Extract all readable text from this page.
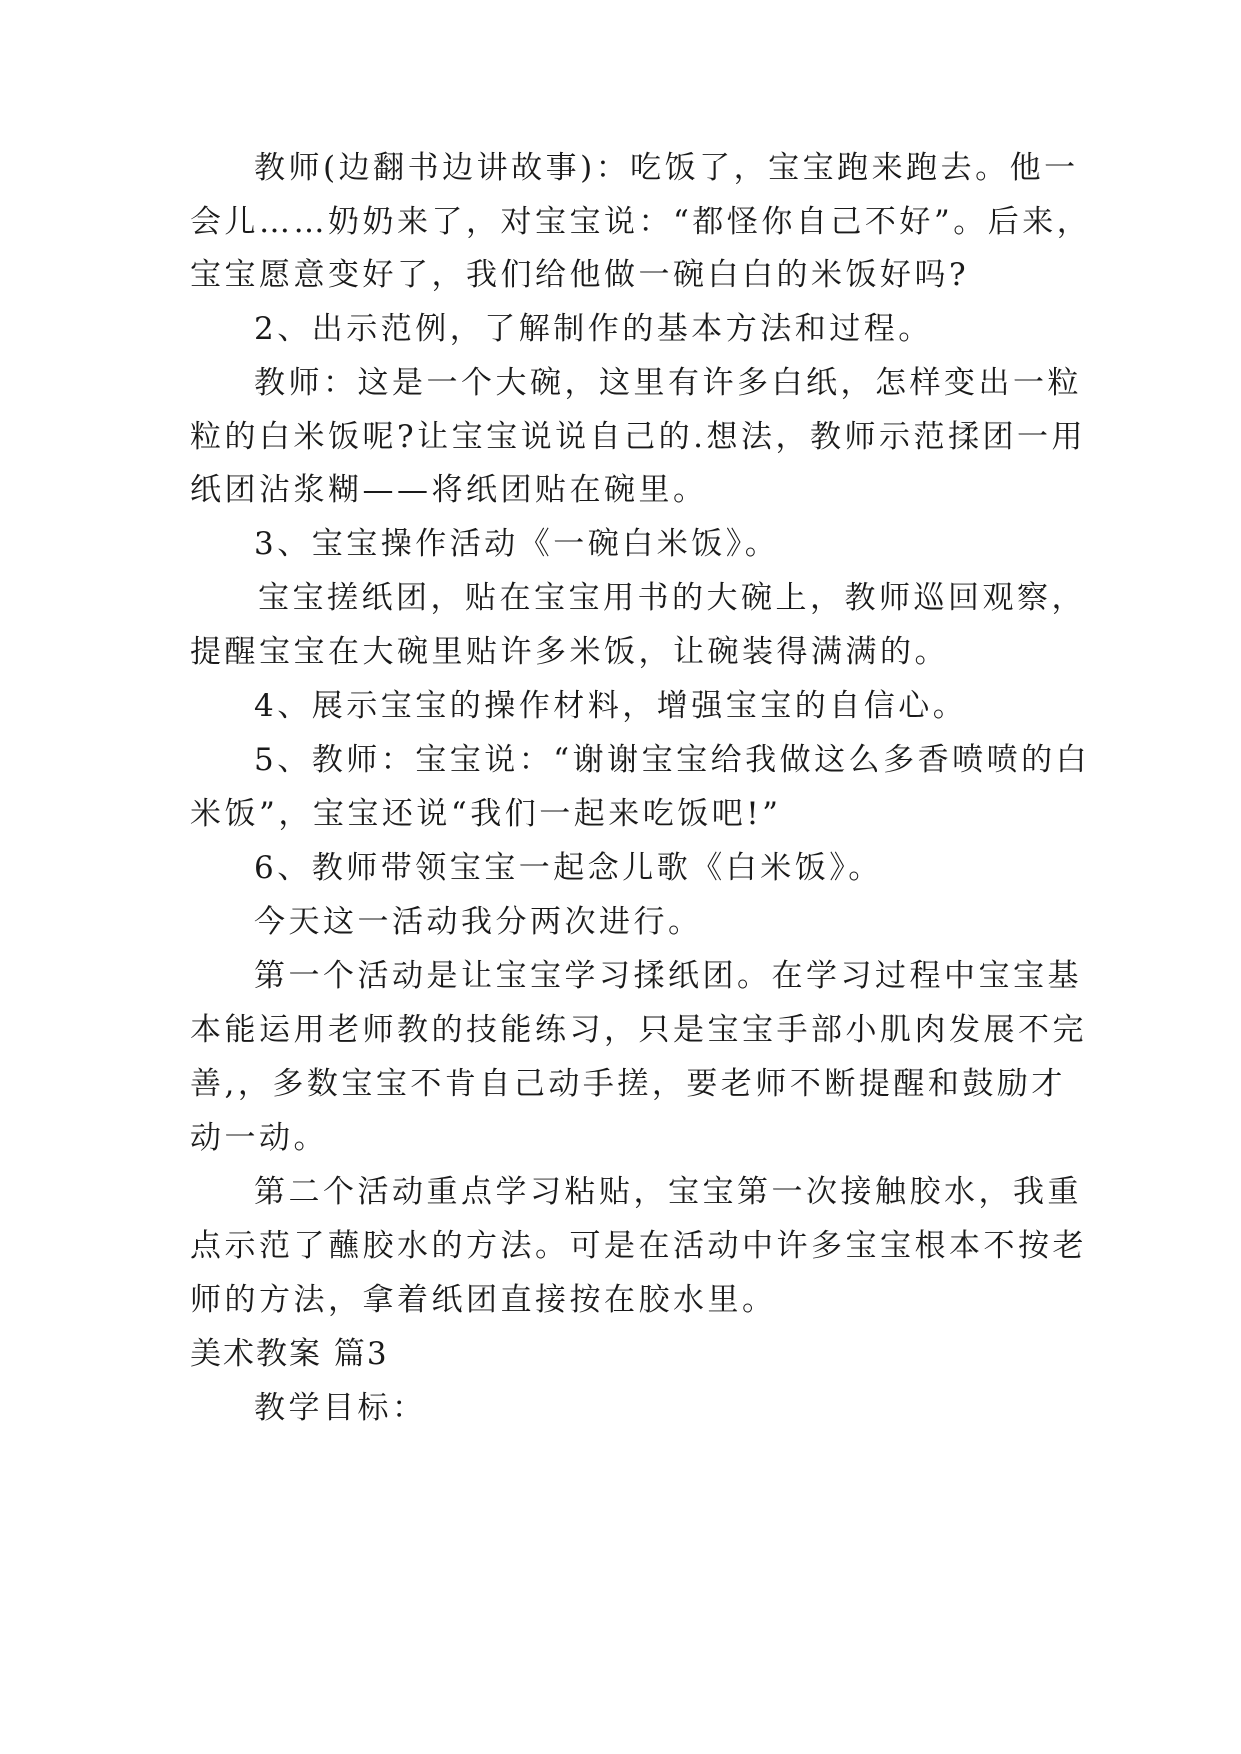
教师(边翻书边讲故事)：吃饭了，宝宝跑来跑去。他一
会儿……奶奶来了，对宝宝说：“都怪你自己不好”。后来，
宝宝愿意变好了，我们给他做一碗白白的米饭好吗?
2、出示范例，了解制作的基本方法和过程。
教师：这是一个大碗，这里有许多白纸，怎样变出一粒
粒的白米饭呢?让宝宝说说自己的.想法，教师示范揉团一用
纸团沾浆糊——将纸团贴在碗里。
3、宝宝操作活动《一碗白米饭》。
宝宝搓纸团，贴在宝宝用书的大碗上，教师巡回观察，
提醒宝宝在大碗里贴许多米饭，让碗装得满满的。
4、展示宝宝的操作材料，增强宝宝的自信心。
5、教师：宝宝说：“谢谢宝宝给我做这么多香喷喷的白
米饭”，宝宝还说“我们一起来吃饭吧!”
6、教师带领宝宝一起念儿歌《白米饭》。
今天这一活动我分两次进行。
第一个活动是让宝宝学习揉纸团。在学习过程中宝宝基
本能运用老师教的技能练习，只是宝宝手部小肌肉发展不完
善,，多数宝宝不肯自己动手搓，要老师不断提醒和鼓励才
动一动。
第二个活动重点学习粘贴，宝宝第一次接触胶水，我重
点示范了蘸胶水的方法。可是在活动中许多宝宝根本不按老
师的方法，拿着纸团直接按在胶水里。
美术教案 篇3
教学目标：
